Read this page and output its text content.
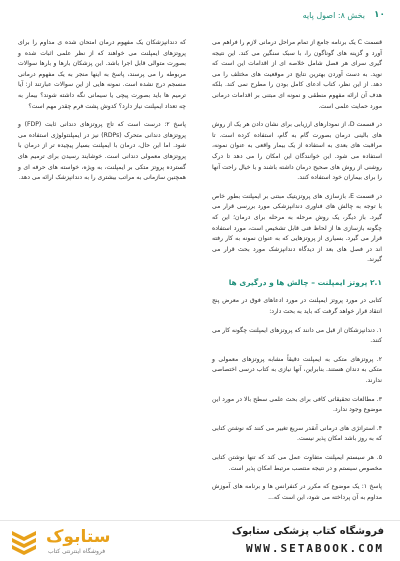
۱۰
بخش ۸: اصول پایه

قسمت C یک برنامه جامع از تمام مراحل درمانی لازم را فراهم می آورد و گزینه های گوناگون را، با سبک سنگین می کند. این نتیجه گیری سرای هر فصل شامل خلاصه ای از اقدامات این است که نوید. به دست آوردن بهترین نتایج در موقعیت های مختلف را می دهد. از این نظر، کتاب ادعای کامل بودن را مطرح نمی کند. بلکه هدف آن ارائه مفهوم منطقی و نمونه ای مبتنی بر اقدامات درمانی مورد حمایت علمی است.

در قسمت D، از نمودارهای ارزیابی برای نشان دادن هر یک از روش های بالینی درمان بصورت گام به گام، استفاده کرده است. تا مراقبت های بعدی به استفاده از یک بیمار واقعی به عنوان نمونه، استفاده می شود. این خوانندگان این امکان را می دهد تا درک روشنی از روش های صحیح درمان داشته باشند و با خیال راحت آنها را برای بیماران خود استفاده کنند.

در قسمت E، بازسازی های پروتزیتیک مبتنی بر ایمپلنت بطور خاص با توجه به چالش های فناوری دندانپزشکی مورد بررسی قرار می گیرد. باز دیگر، یک روش مرحله به مرحله برای درمان؛ این که چگونه بازسازی ها از لحاظ فنی قابل تشخیص است، مورد استفاده قرار می گیرد. بسیاری از پروتزهایی که به عنوان نمونه به کار رفته اند در فصل های بعد از دیدگاه دندانپزشک مورد بحث قرار می گیرند.

۲.۱ پروتز ایمپلنت – چالش ها و درگیری ها

کتابی در مورد پروتز ایمپلنت در مورد ادعاهای فوق در معرض پنج انتقاد قرار خواهد گرفت که باید به بحث دارد:

۱. دندانپزشکان از قبل می دانند که پروتزهای ایمپلنت چگونه کار می کنند.

۲. پروتزهای متکی به ایمپلنت دقیقاً مشابه پروتزهای معمولی و متکی به دندان هستند. بنابراین، آنها نیازی به کتاب درسی اختصاصی ندارند.

۳. مطالعات تحقیقاتی کافی برای بحث علمی سطح بالا در مورد این موضوع وجود ندارد.

۴. استراتژی های درمانی آنقدر سریع تغییر می کنند که نوشتن کتابی که به روز باشد امکان پذیر نیست.

۵. هر سیستم ایمپلنت متفاوت عمل می کند که تنها نوشتن کتابی مخصوص سیستم و در نتیجه منتصب مرتبط امکان پذیر است.

پاسخ ۱: یک موضوع که مکرر در کنفرانس ها و برنامه های آموزش مداوم به آن پرداخته می شود، این است که...

که دندانپزشکان یک مفهوم درمان امتحان شده ی مداوم را برای پروتزهای ایمپلنت می خواهند که از نظر علمی اثبات شده و بصورت متوالی قابل اجرا باشد. این پزشکان بارها و بارها سوالات مربوطه را می پرسند، پاسخ به اینها منجر به یک مفهوم درمانی منسجم درج نشده است. نمونه هایی از این سوالات عبارتند از: آیا ترمیم ها باید بصورت پیچی یا سیمانی نگه داشته شوند؟ بیمار به چه تعداد ایمپلنت نیاز دارد؟ کدوش پشت فرم چقدر مهم است؟

پاسخ ۲: درست است که تاج پروتزهای دندانی ثابت (FDP) و پروتزهای دندانی متحرک (RDPs) نیز در ایمپلنتولوژی استفاده می شود. اما این حال، درمان با ایمپلنت بسیار پیچیده تر از درمان با پروتزهای معمولی دندانی است. خوشایند رسیدن برای ترمیم های گسترده پروتز متکی بر ایمپلنت، به ویژه، خواسته های حرفه ای و همچنین سازمانی به مراتب بیشتری را به دندانپزشک ارائه می دهد.

ستابوک
فروشگاه اینترنتی کتاب
فروشگاه کتاب پزشکی ستابوک
WWW.SETABOOK.COM
